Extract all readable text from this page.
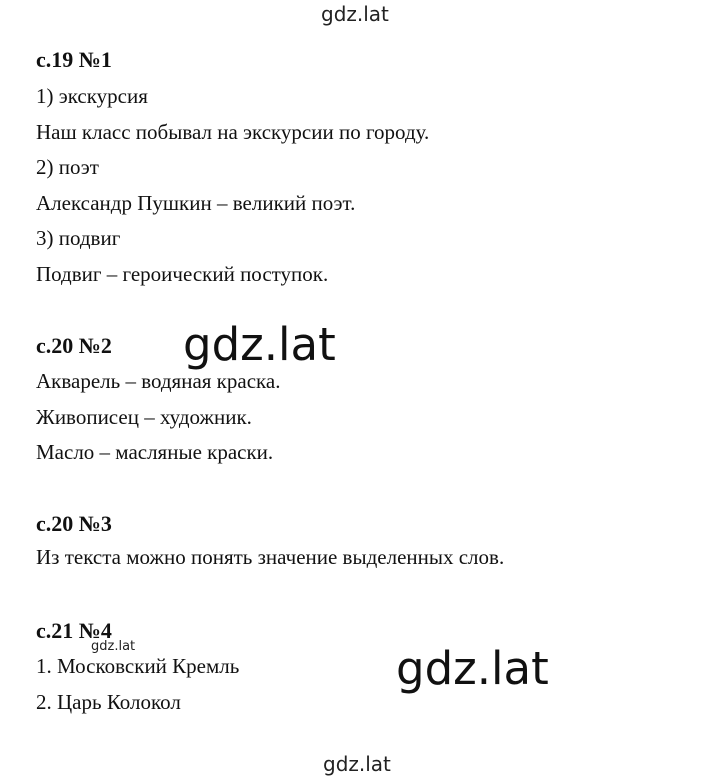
gdz.lat
с.19 №1
1) экскурсия
Наш класс побывал на экскурсии по городу.
2) поэт
Александр Пушкин – великий поэт.
3) подвиг
Подвиг – героический поступок.
с.20 №2 gdz.lat
Акварель – водяная краска.
Живописец – художник.
Масло – масляные краски.
с.20 №3
Из текста можно понять значение выделенных слов.
с.21 №4
gdz.lat
1. Московский Кремль	gdz.lat
2. Царь Колокол
gdz.lat
